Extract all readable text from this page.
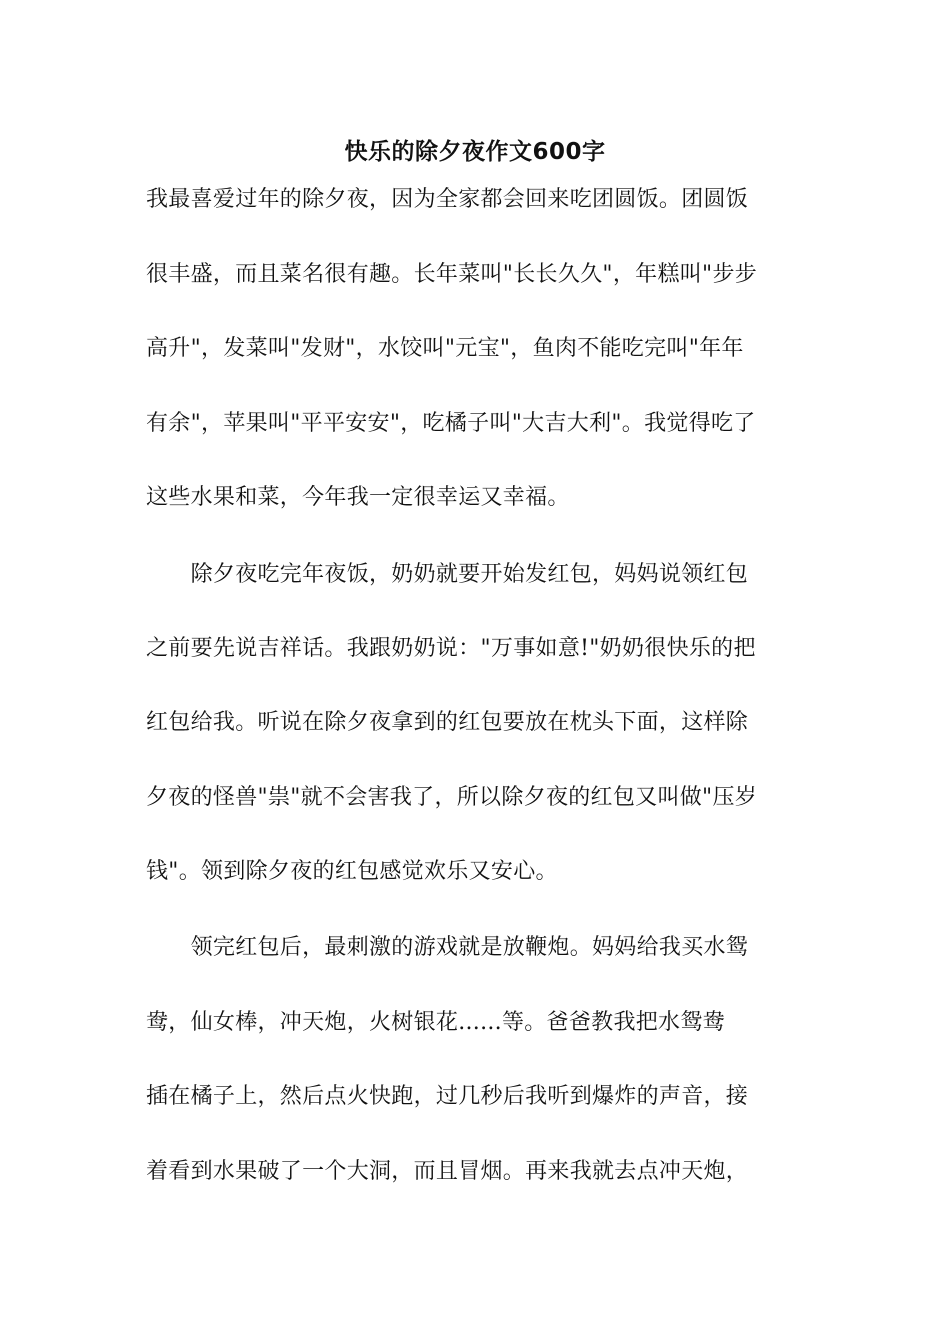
快乐的除夕夜作文600字
我最喜爱过年的除夕夜，因为全家都会回来吃团圆饭。团圆饭
很丰盛，而且菜名很有趣。长年菜叫"长长久久"，年糕叫"步步
高升"，发菜叫"发财"，水饺叫"元宝"，鱼肉不能吃完叫"年年
有余"，苹果叫"平平安安"，吃橘子叫"大吉大利"。我觉得吃了
这些水果和菜，今年我一定很幸运又幸福。
　　除夕夜吃完年夜饭，奶奶就要开始发红包，妈妈说领红包
之前要先说吉祥话。我跟奶奶说："万事如意!"奶奶很快乐的把
红包给我。听说在除夕夜拿到的红包要放在枕头下面，这样除
夕夜的怪兽"祟"就不会害我了，所以除夕夜的红包又叫做"压岁
钱"。领到除夕夜的红包感觉欢乐又安心。
　　领完红包后，最刺激的游戏就是放鞭炮。妈妈给我买水鸳
鸯，仙女棒，冲天炮，火树银花......等。爸爸教我把水鸳鸯
插在橘子上，然后点火快跑，过几秒后我听到爆炸的声音，接
着看到水果破了一个大洞，而且冒烟。再来我就去点冲天炮，
